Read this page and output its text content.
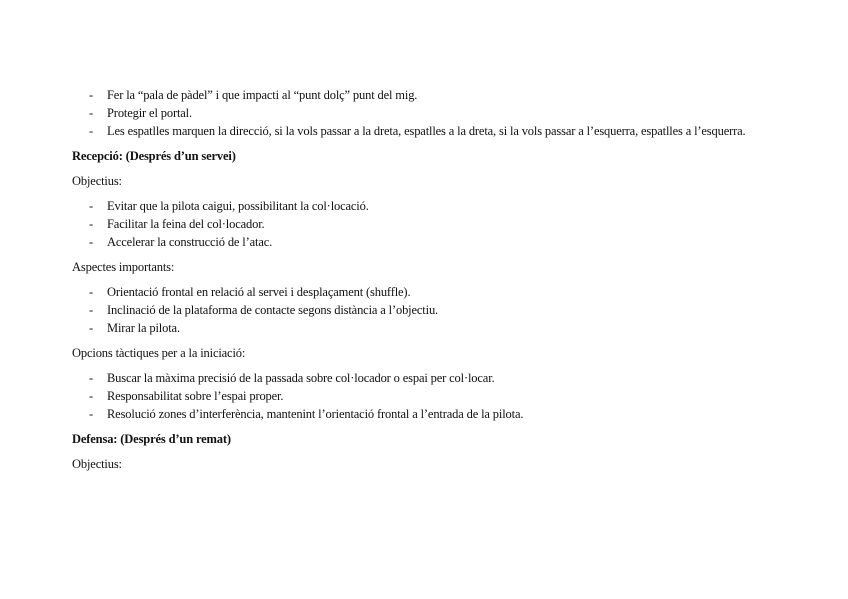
- Fer la “pala de pàdel” i que impacti al “punt dolç” punt del mig.
- Protegir el portal.
- Les espatlles marquen la direcció, si la vols passar a la dreta, espatlles a la dreta, si la vols passar a l’esquerra, espatlles a l’esquerra.
Recepció: (Després d’un servei)
Objectius:
- Evitar que la pilota caigui, possibilitant la col·locació.
- Facilitar la feina del col·locador.
- Accelerar la construcció de l’atac.
Aspectes importants:
- Orientació frontal en relació al servei i desplaçament (shuffle).
- Inclinació de la plataforma de contacte segons distància a l’objectiu.
- Mirar la pilota.
Opcions tàctiques per a la iniciació:
- Buscar la màxima precisió de la passada sobre col·locador o espai per col·locar.
- Responsabilitat sobre l’espai proper.
- Resolució zones d’interferència, mantenint l’orientació frontal a l’entrada de la pilota.
Defensa: (Després d’un remat)
Objectius:
